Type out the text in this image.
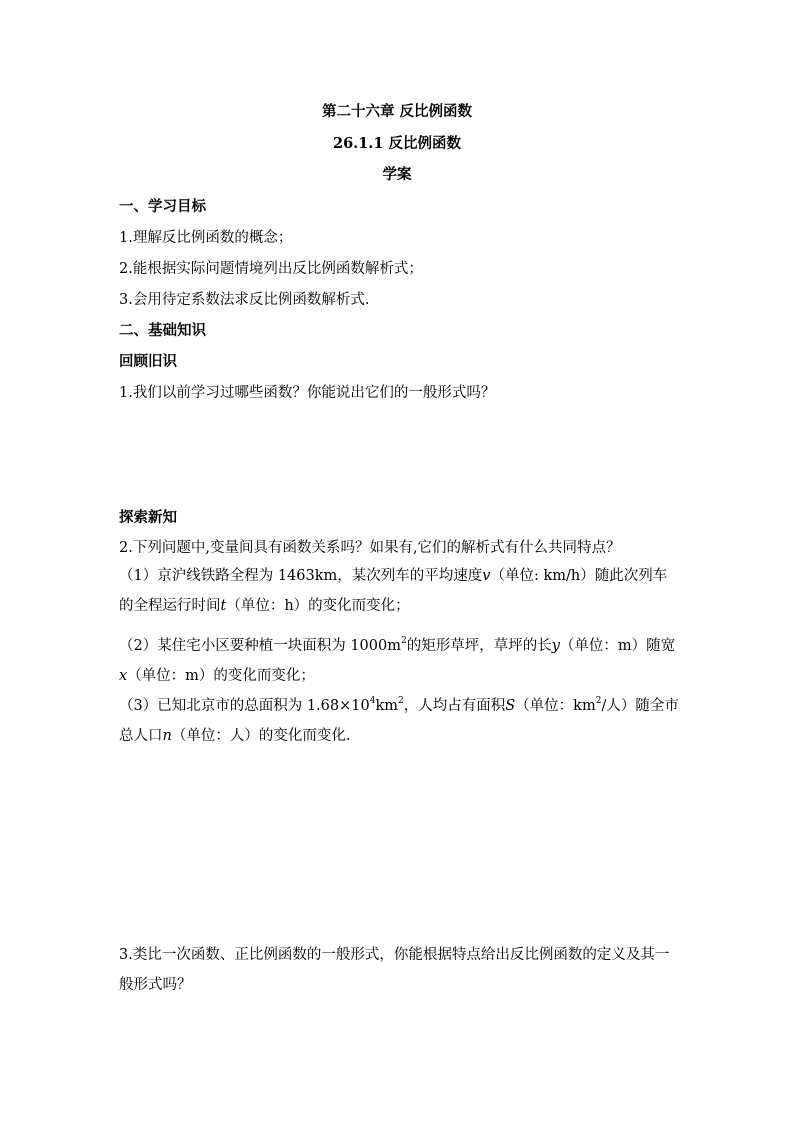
第二十六章 反比例函数
26.1.1 反比例函数
学案
一、学习目标
1.理解反比例函数的概念；
2.能根据实际问题情境列出反比例函数解析式；
3.会用待定系数法求反比例函数解析式.
二、基础知识
回顾旧识
1.我们以前学习过哪些函数？你能说出它们的一般形式吗？
探索新知
2.下列问题中,变量间具有函数关系吗？如果有,它们的解析式有什么共同特点？
（1）京沪线铁路全程为 1463km，某次列车的平均速度v（单位: km/h）随此次列车的全程运行时间t（单位：h）的变化而变化；
（2）某住宅小区要种植一块面积为 $1000m^2$的矩形草坪，草坪的长y（单位：m）随宽x（单位：m）的变化而变化；
（3）已知北京市的总面积为 $1.68\times 10^4km^2$，人均占有面积S（单位：$km^2/$人）随全市总人口n（单位：人）的变化而变化.
3.类比一次函数、正比例函数的一般形式，你能根据特点给出反比例函数的定义及其一般形式吗？
